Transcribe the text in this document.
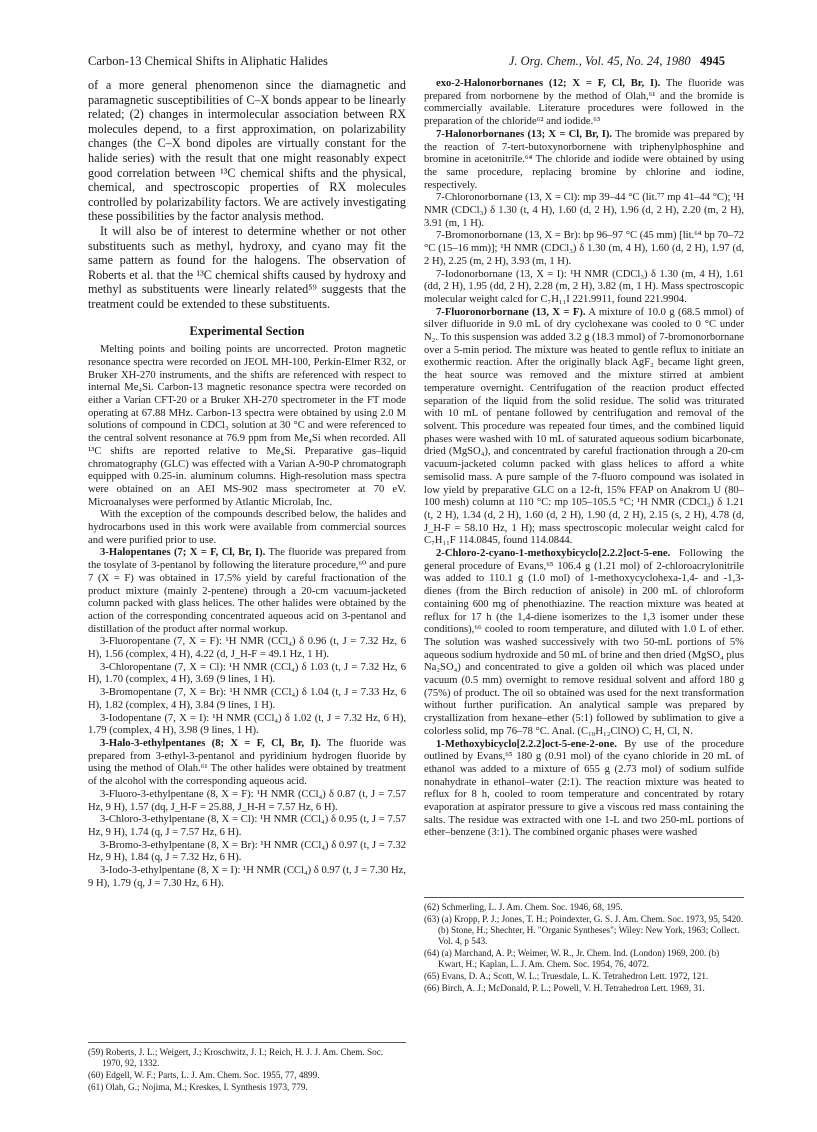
Carbon-13 Chemical Shifts in Aliphatic Halides	J. Org. Chem., Vol. 45, No. 24, 1980 4945

of a more general phenomenon since the diamagnetic and paramagnetic susceptibilities of C–X bonds appear to be linearly related; (2) changes in intermolecular association between RX molecules depend, to a first approximation, on polarizability changes (the C–X bond dipoles are virtually constant for the halide series) with the result that one might reasonably expect good correlation between ¹³C chemical shifts and the physical, chemical, and spectroscopic properties of RX molecules controlled by polarizability factors. We are actively investigating these possibilities by the factor analysis method.

It will also be of interest to determine whether or not other substituents such as methyl, hydroxy, and cyano may fit the same pattern as found for the halogens. The observation of Roberts et al. that the ¹³C chemical shifts caused by hydroxy and methyl as substituents were linearly related⁵⁹ suggests that the treatment could be extended to these substituents.

Experimental Section

Melting points and boiling points are uncorrected. Proton magnetic resonance spectra were recorded on JEOL MH-100, Perkin-Elmer R32, or Bruker XH-270 instruments, and the shifts are referenced with respect to internal Me₄Si. Carbon-13 magnetic resonance spectra were recorded on either a Varian CFT-20 or a Bruker XH-270 spectrometer in the FT mode operating at 67.88 MHz. Carbon-13 spectra were obtained by using 2.0 M solutions of compound in CDCl₃ solution at 30 °C and were referenced to the central solvent resonance at 76.9 ppm from Me₄Si when recorded. All ¹³C shifts are reported relative to Me₄Si. Preparative gas–liquid chromatography (GLC) was effected with a Varian A-90-P chromatograph equipped with 0.25-in. aluminum columns. High-resolution mass spectra were obtained on an AEI MS-902 mass spectrometer at 70 eV. Microanalyses were performed by Atlantic Microlab, Inc.

With the exception of the compounds described below, the halides and hydrocarbons used in this work were available from commercial sources and were purified prior to use.

3-Halopentanes (7; X = F, Cl, Br, I). The fluoride was prepared from the tosylate of 3-pentanol by following the literature procedure,⁶⁰ and pure 7 (X = F) was obtained in 17.5% yield by careful fractionation of the product mixture (mainly 2-pentene) through a 20-cm vacuum-jacketed column packed with glass helices. The other halides were obtained by the action of the corresponding concentrated aqueous acid on 3-pentanol and distillation of the product after normal workup.

3-Fluoropentane (7, X = F): ¹H NMR (CCl₄) δ 0.96 (t, J = 7.32 Hz, 6 H), 1.56 (complex, 4 H), 4.22 (d, J_H-F = 49.1 Hz, 1 H).

3-Chloropentane (7, X = Cl): ¹H NMR (CCl₄) δ 1.03 (t, J = 7.32 Hz, 6 H), 1.70 (complex, 4 H), 3.69 (9 lines, 1 H).

3-Bromopentane (7, X = Br): ¹H NMR (CCl₄) δ 1.04 (t, J = 7.33 Hz, 6 H), 1.82 (complex, 4 H), 3.84 (9 lines, 1 H).

3-Iodopentane (7, X = I): ¹H NMR (CCl₄) δ 1.02 (t, J = 7.32 Hz, 6 H), 1.79 (complex, 4 H), 3.98 (9 lines, 1 H).

3-Halo-3-ethylpentanes (8; X = F, Cl, Br, I). The fluoride was prepared from 3-ethyl-3-pentanol and pyridinium hydrogen fluoride by using the method of Olah.⁶¹ The other halides were obtained by treatment of the alcohol with the corresponding aqueous acid.

3-Fluoro-3-ethylpentane (8, X = F): ¹H NMR (CCl₄) δ 0.87 (t, J = 7.57 Hz, 9 H), 1.57 (dq, J_H-F = 25.88, J_H-H = 7.57 Hz, 6 H).

3-Chloro-3-ethylpentane (8, X = Cl): ¹H NMR (CCl₄) δ 0.95 (t, J = 7.57 Hz, 9 H), 1.74 (q, J = 7.57 Hz, 6 H).

3-Bromo-3-ethylpentane (8, X = Br): ¹H NMR (CCl₄) δ 0.97 (t, J = 7.32 Hz, 9 H), 1.84 (q, J = 7.32 Hz, 6 H).

3-Iodo-3-ethylpentane (8, X = I): ¹H NMR (CCl₄) δ 0.97 (t, J = 7.30 Hz, 9 H), 1.79 (q, J = 7.30 Hz, 6 H).

exo-2-Halonorbornanes (12; X = F, Cl, Br, I). The fluoride was prepared from norbornene by the method of Olah,⁶¹ and the bromide is commercially available. Literature procedures were followed in the preparation of the chloride⁶² and iodide.⁶³

7-Halonorbornanes (13; X = Cl, Br, I). The bromide was prepared by the reaction of 7-tert-butoxynorbornene with triphenylphosphine and bromine in acetonitrile.⁶⁴ The chloride and iodide were obtained by using the same procedure, replacing bromine by chlorine and iodine, respectively.

7-Chloronorbornane (13, X = Cl): mp 39–44 °C (lit.⁷⁷ mp 41–44 °C); ¹H NMR (CDCl₃) δ 1.30 (t, 4 H), 1.60 (d, 2 H), 1.96 (d, 2 H), 2.20 (m, 2 H), 3.91 (m, 1 H).

7-Bromonorbornane (13, X = Br): bp 96–97 °C (45 mm) [lit.⁶⁴ bp 70–72 °C (15–16 mm)]; ¹H NMR (CDCl₃) δ 1.30 (m, 4 H), 1.60 (d, 2 H), 1.97 (d, 2 H), 2.25 (m, 2 H), 3.93 (m, 1 H).

7-Iodonorbornane (13, X = I): ¹H NMR (CDCl₃) δ 1.30 (m, 4 H), 1.61 (dd, 2 H), 1.95 (dd, 2 H), 2.28 (m, 2 H), 3.82 (m, 1 H). Mass spectroscopic molecular weight calcd for C₇H₁₁I 221.9911, found 221.9904.

7-Fluoronorbornane (13, X = F). A mixture of 10.0 g (68.5 mmol) of silver difluoride in 9.0 mL of dry cyclohexane was cooled to 0 °C under N₂. To this suspension was added 3.2 g (18.3 mmol) of 7-bromonorbornane over a 5-min period. The mixture was heated to gentle reflux to initiate an exothermic reaction. After the originally black AgF₂ became light green, the heat source was removed and the mixture stirred at ambient temperature overnight. Centrifugation of the reaction product effected separation of the liquid from the solid residue. The solid was triturated with 10 mL of pentane followed by centrifugation and removal of the solvent. This procedure was repeated four times, and the combined liquid phases were washed with 10 mL of saturated aqueous sodium bicarbonate, dried (MgSO₄), and concentrated by careful fractionation through a 20-cm vacuum-jacketed column packed with glass helices to afford a white semisolid mass. A pure sample of the 7-fluoro compound was isolated in low yield by preparative GLC on a 12-ft, 15% FFAP on Anakrom U (80–100 mesh) column at 110 °C: mp 105–105.5 °C; ¹H NMR (CDCl₃) δ 1.21 (t, 2 H), 1.34 (d, 2 H), 1.60 (d, 2 H), 1.90 (d, 2 H), 2.15 (s, 2 H), 4.78 (d, J_H-F = 58.10 Hz, 1 H); mass spectroscopic molecular weight calcd for C₇H₁₁F 114.0845, found 114.0844.

2-Chloro-2-cyano-1-methoxybicyclo[2.2.2]oct-5-ene. Following the general procedure of Evans,⁶⁵ 106.4 g (1.21 mol) of 2-chloroacrylonitrile was added to 110.1 g (1.0 mol) of 1-methoxycyclohexa-1,4- and -1,3-dienes (from the Birch reduction of anisole) in 200 mL of chloroform containing 600 mg of phenothiazine. The reaction mixture was heated at reflux for 17 h (the 1,4-diene isomerizes to the 1,3 isomer under these conditions),⁶⁶ cooled to room temperature, and diluted with 1.0 L of ether. The solution was washed successively with two 50-mL portions of 5% aqueous sodium hydroxide and 50 mL of brine and then dried (MgSO₄ plus Na₂SO₄) and concentrated to give a golden oil which was placed under vacuum (0.5 mm) overnight to remove residual solvent and afford 180 g (75%) of product. The oil so obtained was used for the next transformation without further purification. An analytical sample was prepared by crystallization from hexane–ether (5:1) followed by sublimation to give a colorless solid, mp 76–78 °C. Anal. (C₁₀H₁₂ClNO) C, H, Cl, N.

1-Methoxybicyclo[2.2.2]oct-5-ene-2-one. By use of the procedure outlined by Evans,⁶⁵ 180 g (0.91 mol) of the cyano chloride in 20 mL of ethanol was added to a mixture of 655 g (2.73 mol) of sodium sulfide nonahydrate in ethanol–water (2:1). The reaction mixture was heated to reflux for 8 h, cooled to room temperature and concentrated by rotary evaporation at aspirator pressure to give a viscous red mass containing the salts. The residue was extracted with one 1-L and two 250-mL portions of ether–benzene (3:1). The combined organic phases were washed

(59) Roberts, J. L.; Weigert, J.; Kroschwitz, J. I.; Reich, H. J. J. Am. Chem. Soc. 1970, 92, 1332.
(60) Edgell, W. F.; Parts, L. J. Am. Chem. Soc. 1955, 77, 4899.
(61) Olah, G.; Nojima, M.; Kreskes, I. Synthesis 1973, 779.
(62) Schmerling, L. J. Am. Chem. Soc. 1946, 68, 195.
(63) (a) Kropp, P. J.; Jones, T. H.; Poindexter, G. S. J. Am. Chem. Soc. 1973, 95, 5420. (b) Stone, H.; Shechter, H. "Organic Syntheses"; Wiley: New York, 1963; Collect. Vol. 4, p 543.
(64) (a) Marchand, A. P.; Weimer, W. R., Jr. Chem. Ind. (London) 1969, 200. (b) Kwart, H.; Kaplan, L. J. Am. Chem. Soc. 1954, 76, 4072.
(65) Evans, D. A.; Scott, W. L.; Truesdale, L. K. Tetrahedron Lett. 1972, 121.
(66) Birch, A. J.; McDonald, P. L.; Powell, V. H. Tetrahedron Lett. 1969, 31.
